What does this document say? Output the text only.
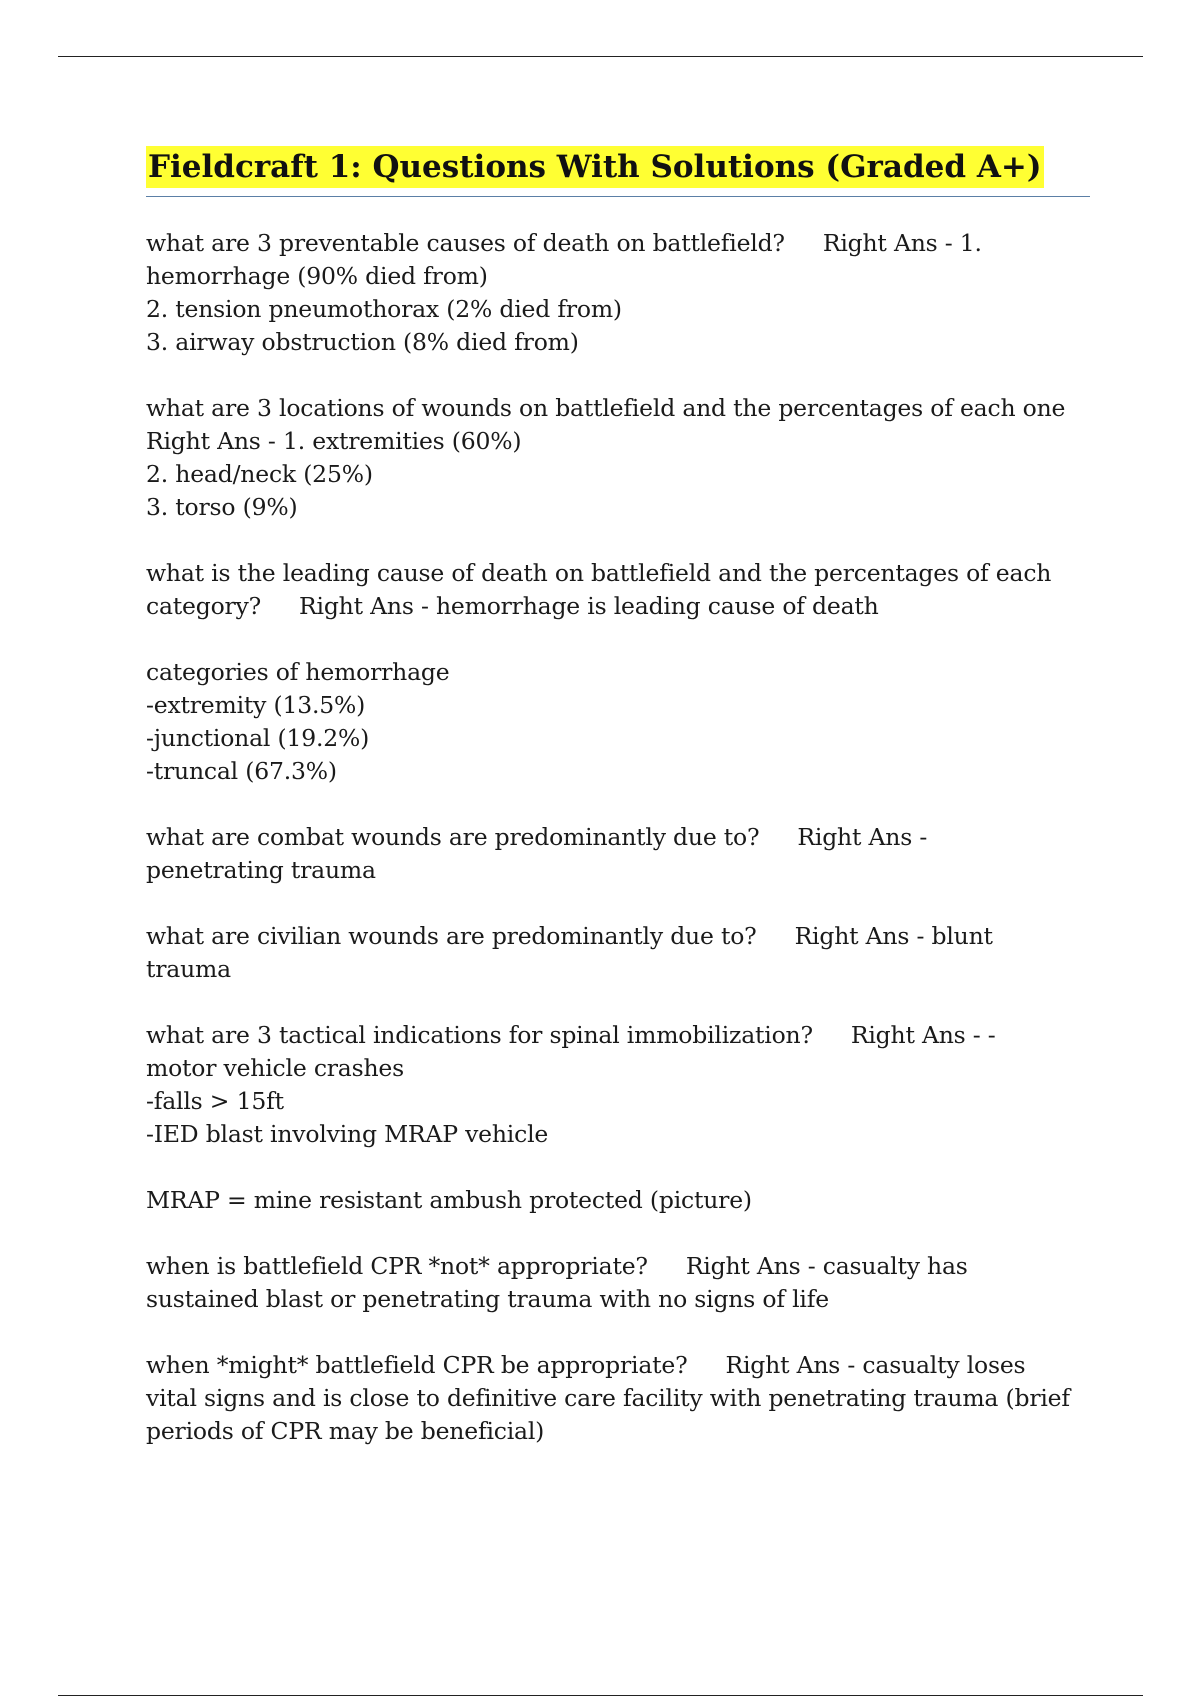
Fieldcraft 1: Questions With Solutions (Graded A+)
what are 3 preventable causes of death on battlefield? Right Ans - 1.
hemorrhage (90% died from)
2. tension pneumothorax (2% died from)
3. airway obstruction (8% died from)
what are 3 locations of wounds on battlefield and the percentages of each one
Right Ans - 1. extremities (60%)
2. head/neck (25%)
3. torso (9%)
what is the leading cause of death on battlefield and the percentages of each
category? Right Ans - hemorrhage is leading cause of death
categories of hemorrhage
-extremity (13.5%)
-junctional (19.2%)
-truncal (67.3%)
what are combat wounds are predominantly due to? Right Ans -
penetrating trauma
what are civilian wounds are predominantly due to? Right Ans - blunt
trauma
what are 3 tactical indications for spinal immobilization? Right Ans - -
motor vehicle crashes
-falls > 15ft
-IED blast involving MRAP vehicle
MRAP = mine resistant ambush protected (picture)
when is battlefield CPR *not* appropriate? Right Ans - casualty has
sustained blast or penetrating trauma with no signs of life
when *might* battlefield CPR be appropriate? Right Ans - casualty loses
vital signs and is close to definitive care facility with penetrating trauma (brief
periods of CPR may be beneficial)
